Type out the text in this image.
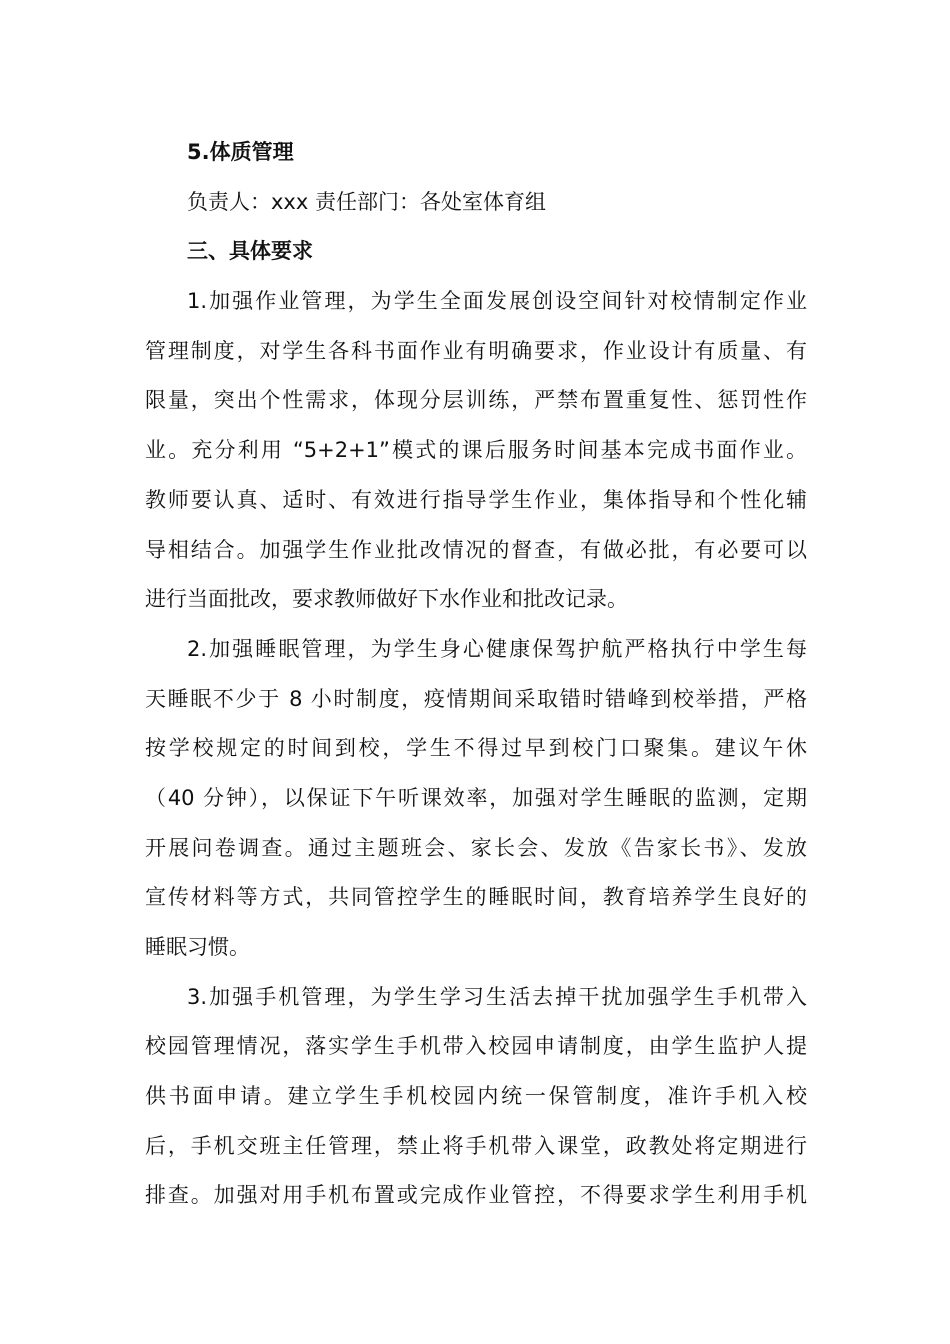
5.体质管理
负责人：xxx 责任部门：各处室体育组
三、具体要求
1.加强作业管理，为学生全面发展创设空间针对校情制定作业
管理制度，对学生各科书面作业有明确要求，作业设计有质量、有
限量，突出个性需求，体现分层训练，严禁布置重复性、惩罚性作
业。充分利用 “5+2+1”模式的课后服务时间基本完成书面作业。
教师要认真、适时、有效进行指导学生作业，集体指导和个性化辅
导相结合。加强学生作业批改情况的督查，有做必批，有必要可以
进行当面批改，要求教师做好下水作业和批改记录。
2.加强睡眠管理，为学生身心健康保驾护航严格执行中学生每
天睡眠不少于 8 小时制度，疫情期间采取错时错峰到校举措，严格
按学校规定的时间到校，学生不得过早到校门口聚集。建议午休
（40 分钟），以保证下午听课效率，加强对学生睡眠的监测，定期
开展问卷调查。通过主题班会、家长会、发放《告家长书》、发放
宣传材料等方式，共同管控学生的睡眠时间，教育培养学生良好的
睡眠习惯。
3.加强手机管理，为学生学习生活去掉干扰加强学生手机带入
校园管理情况，落实学生手机带入校园申请制度，由学生监护人提
供书面申请。建立学生手机校园内统一保管制度，准许手机入校
后，手机交班主任管理，禁止将手机带入课堂，政教处将定期进行
排查。加强对用手机布置或完成作业管控，不得要求学生利用手机
